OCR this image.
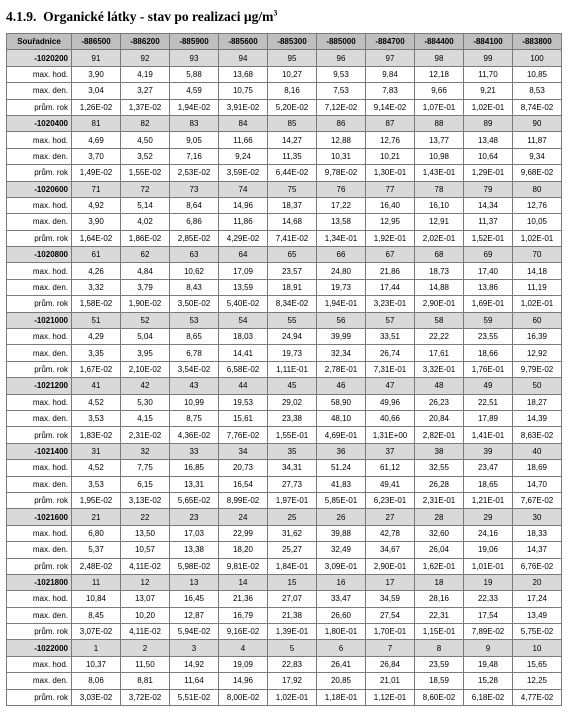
4.1.9. Organické látky - stav po realizaci $\mu g/m^3$
Souřadnice	-886500	-886200	-885900	-885600	-885300	-885000	-884700	-884400	-884100	-883800
-1020200	91	92	93	94	95	96	97	98	99	100
max. hod.	3,90	4,19	5,88	13,68	10,27	9,53	9,84	12,18	11,70	10,85
max. den.	3,04	3,27	4,59	10,75	8,16	7,53	7,83	9,66	9,21	8,53
prům. rok	1,26E-02	1,37E-02	1,94E-02	3,91E-02	5,20E-02	7,12E-02	9,14E-02	1,07E-01	1,02E-01	8,74E-02
-1020400	81	82	83	84	85	86	87	88	89	90
max. hod.	4,69	4,50	9,05	11,66	14,27	12,88	12,76	13,77	13,48	11,87
max. den.	3,70	3,52	7,16	9,24	11,35	10,31	10,21	10,98	10,64	9,34
prům. rok	1,49E-02	1,55E-02	2,53E-02	3,59E-02	6,44E-02	9,78E-02	1,30E-01	1,43E-01	1,29E-01	9,68E-02
-1020600	71	72	73	74	75	76	77	78	79	80
max. hod.	4,92	5,14	8,64	14,96	18,37	17,22	16,40	16,10	14,34	12,76
max. den.	3,90	4,02	6,86	11,86	14,68	13,58	12,95	12,91	11,37	10,05
prům. rok	1,64E-02	1,86E-02	2,85E-02	4,29E-02	7,41E-02	1,34E-01	1,92E-01	2,02E-01	1,52E-01	1,02E-01
-1020800	61	62	63	64	65	66	67	68	69	70
max. hod.	4,26	4,84	10,62	17,09	23,57	24,80	21,86	18,73	17,40	14,18
max. den.	3,32	3,79	8,43	13,59	18,91	19,73	17,44	14,88	13,86	11,19
prům. rok	1,58E-02	1,90E-02	3,50E-02	5,40E-02	8,34E-02	1,94E-01	3,23E-01	2,90E-01	1,69E-01	1,02E-01
-1021000	51	52	53	54	55	56	57	58	59	60
max. hod.	4,29	5,04	8,65	18,03	24,94	39,99	33,51	22,22	23,55	16,39
max. den.	3,35	3,95	6,78	14,41	19,73	32,34	26,74	17,61	18,66	12,92
prům. rok	1,67E-02	2,10E-02	3,54E-02	6,58E-02	1,11E-01	2,78E-01	7,31E-01	3,32E-01	1,76E-01	9,79E-02
-1021200	41	42	43	44	45	46	47	48	49	50
max. hod.	4,52	5,30	10,99	19,53	29,02	58,90	49,96	26,23	22,51	18,27
max. den.	3,53	4,15	8,75	15,61	23,38	48,10	40,66	20,84	17,89	14,39
prům. rok	1,83E-02	2,31E-02	4,36E-02	7,76E-02	1,55E-01	4,69E-01	1,31E+00	2,82E-01	1,41E-01	8,63E-02
-1021400	31	32	33	34	35	36	37	38	39	40
max. hod.	4,52	7,75	16,85	20,73	34,31	51,24	61,12	32,55	23,47	18,69
max. den.	3,53	6,15	13,31	16,54	27,73	41,83	49,41	26,28	18,65	14,70
prům. rok	1,95E-02	3,13E-02	5,65E-02	8,99E-02	1,97E-01	5,85E-01	6,23E-01	2,31E-01	1,21E-01	7,67E-02
-1021600	21	22	23	24	25	26	27	28	29	30
max. hod.	6,80	13,50	17,03	22,99	31,62	39,88	42,78	32,60	24,16	18,33
max. den.	5,37	10,57	13,38	18,20	25,27	32,49	34,67	26,04	19,06	14,37
prům. rok	2,48E-02	4,11E-02	5,98E-02	9,81E-02	1,84E-01	3,09E-01	2,90E-01	1,62E-01	1,01E-01	6,76E-02
-1021800	11	12	13	14	15	16	17	18	19	20
max. hod.	10,84	13,07	16,45	21,36	27,07	33,47	34,59	28,16	22,33	17,24
max. den.	8,45	10,20	12,87	16,79	21,38	26,60	27,54	22,31	17,54	13,49
prům. rok	3,07E-02	4,11E-02	5,94E-02	9,16E-02	1,39E-01	1,80E-01	1,70E-01	1,15E-01	7,89E-02	5,75E-02
-1022000	1	2	3	4	5	6	7	8	9	10
max. hod.	10,37	11,50	14,92	19,09	22,83	26,41	26,84	23,59	19,48	15,65
max. den.	8,06	8,81	11,64	14,96	17,92	20,85	21,01	18,59	15,28	12,25
prům. rok	3,03E-02	3,72E-02	5,51E-02	8,00E-02	1,02E-01	1,18E-01	1,12E-01	8,60E-02	6,18E-02	4,77E-02
